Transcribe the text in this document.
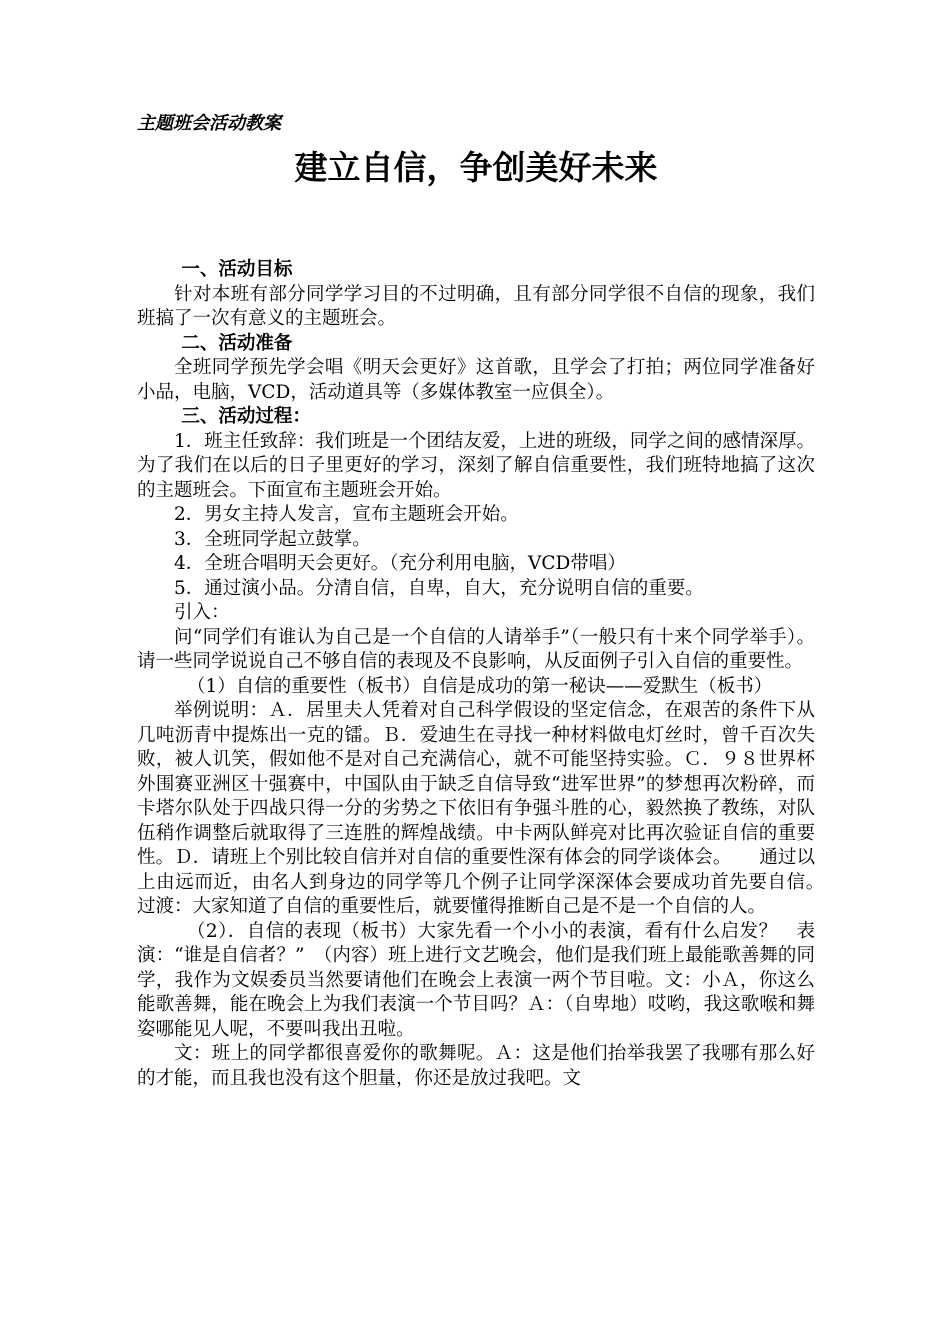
主题班会活动教案

建立自信，争创美好未来
一、活动目标

针对本班有部分同学学习目的不过明确，且有部分同学很不自信的现象，我们班搞了一次有意义的主题班会。

二、活动准备

全班同学预先学会唱《明天会更好》这首歌，且学会了打拍；两位同学准备好小品，电脑，VCD，活动道具等（多媒体教室一应俱全）。

三、活动过程：

1．班主任致辞：我们班是一个团结友爱，上进的班级，同学之间的感情深厚。为了我们在以后的日子里更好的学习，深刻了解自信重要性，我们班特地搞了这次的主题班会。下面宣布主题班会开始。

2．男女主持人发言，宣布主题班会开始。

3．全班同学起立鼓掌。

4．全班合唱明天会更好。（充分利用电脑，VCD带唱）

5．通过演小品。分清自信，自卑，自大，充分说明自信的重要。

引入：

问“同学们有谁认为自己是一个自信的人请举手”（一般只有十来个同学举手）。请一些同学说说自己不够自信的表现及不良影响，从反面例子引入自信的重要性。

（1）自信的重要性（板书）自信是成功的第一秘诀——爱默生（板书）

举例说明：Ａ．居里夫人凭着对自己科学假设的坚定信念，在艰苦的条件下从几吨沥青中提炼出一克的镭。Ｂ．爱迪生在寻找一种材料做电灯丝时，曾千百次失败，被人讥笑，假如他不是对自己充满信心，就不可能坚持实验。Ｃ．９８世界杯外围赛亚洲区十强赛中，中国队由于缺乏自信导致“进军世界”的梦想再次粉碎，而卡塔尔队处于四战只得一分的劣势之下依旧有争强斗胜的心，毅然换了教练，对队伍稍作调整后就取得了三连胜的辉煌战绩。中卡两队鲜亮对比再次验证自信的重要性。Ｄ．请班上个别比较自信并对自信的重要性深有体会的同学谈体会。　　通过以上由远而近，由名人到身边的同学等几个例子让同学深深体会要成功首先要自信。　过渡：大家知道了自信的重要性后，就要懂得推断自己是不是一个自信的人。

（2）．自信的表现（板书）大家先看一个小小的表演，看有什么启发？　表演：“谁是自信者？”　（内容）班上进行文艺晚会，他们是我们班上最能歌善舞的同学，我作为文娱委员当然要请他们在晚会上表演一两个节目啦。文：小Ａ，你这么能歌善舞，能在晚会上为我们表演一个节目吗？Ａ：（自卑地）哎哟，我这歌喉和舞姿哪能见人呢，不要叫我出丑啦。

文：班上的同学都很喜爱你的歌舞呢。Ａ：这是他们抬举我罢了我哪有那么好的才能，而且我也没有这个胆量，你还是放过我吧。文
